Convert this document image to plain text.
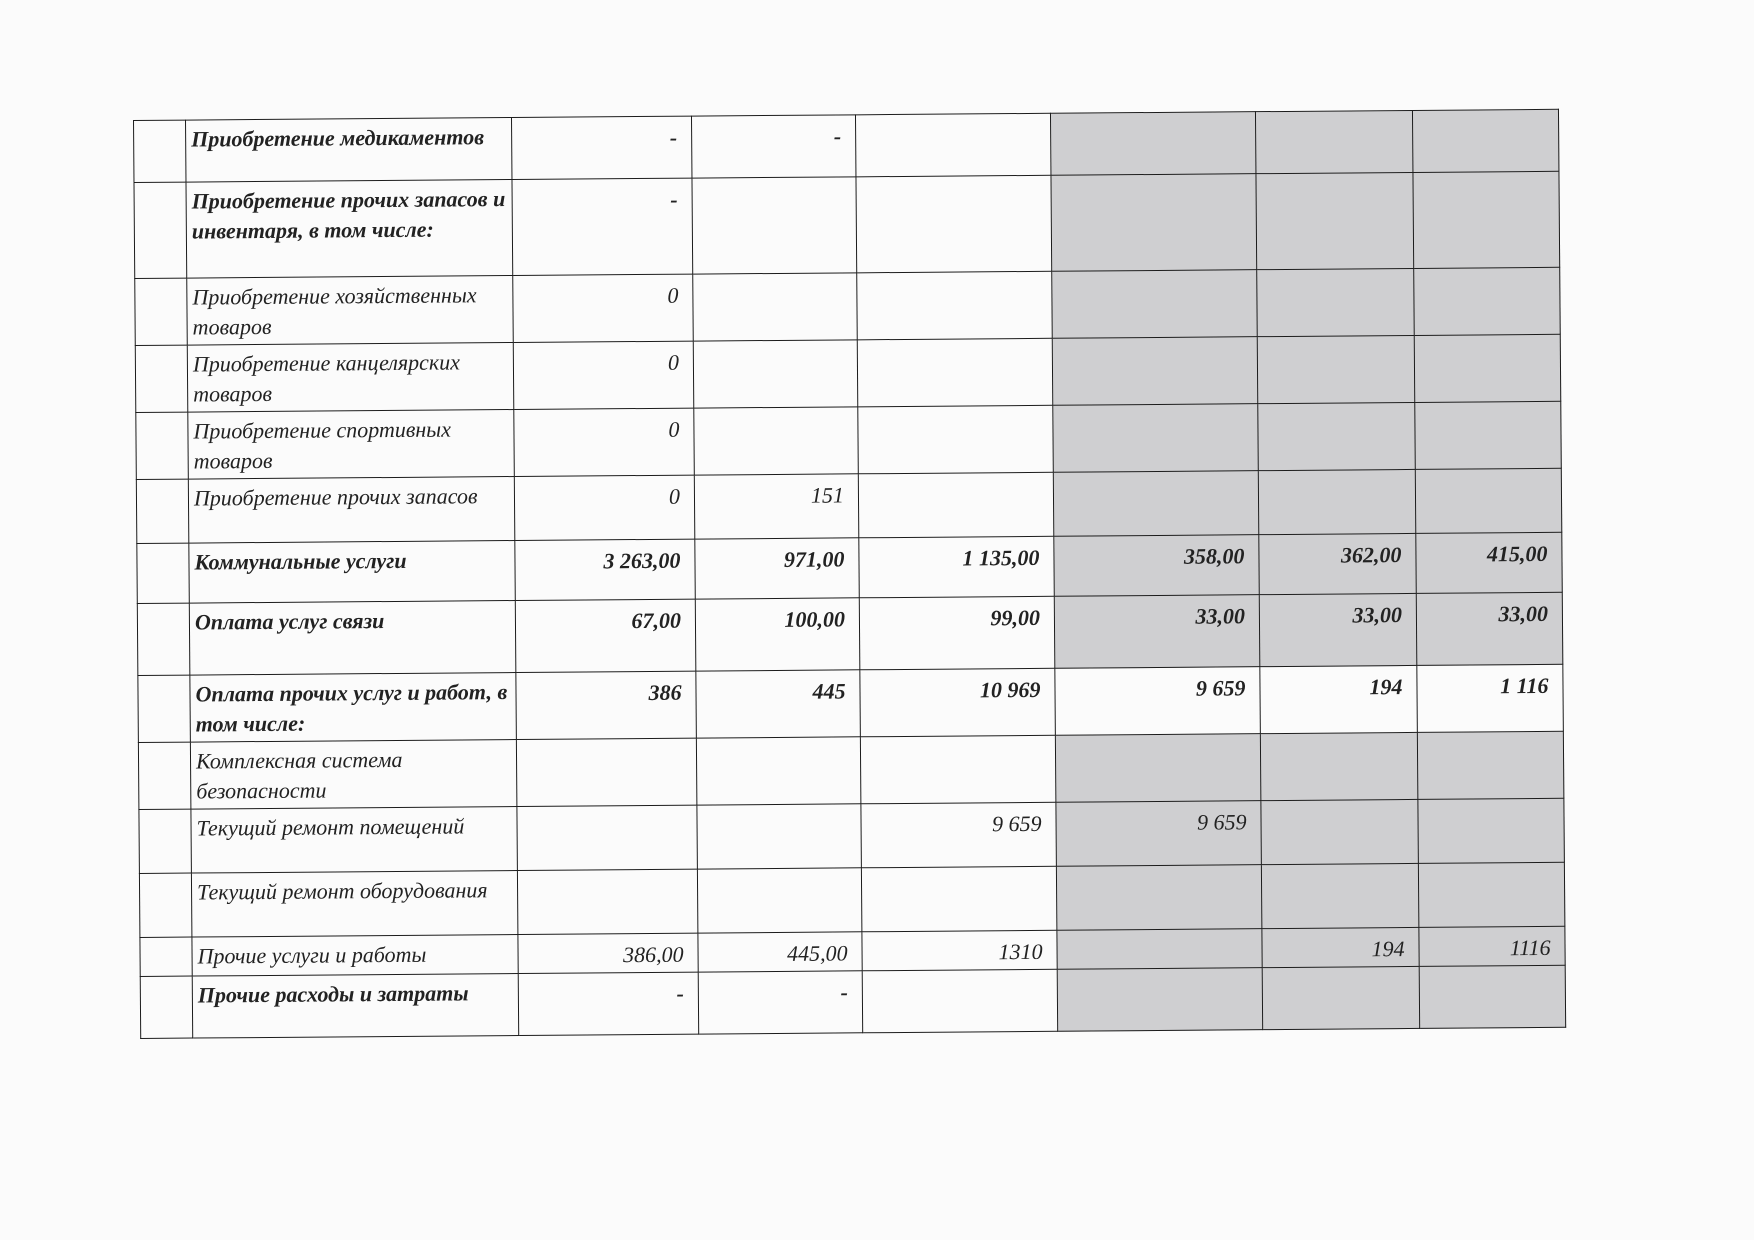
	Приобретение медикаментов	-	-				
	Приобретение прочих запасов и инвентаря, в том числе:	-					
	Приобретение хозяйственных товаров	0					
	Приобретение канцелярских товаров	0					
	Приобретение спортивных товаров	0					
	Приобретение прочих запасов	0	151				
	Коммунальные услуги	3 263,00	971,00	1 135,00	358,00	362,00	415,00
	Оплата услуг связи	67,00	100,00	99,00	33,00	33,00	33,00
	Оплата прочих услуг и работ, в том числе:	386	445	10 969	9 659	194	1 116
	Комплексная система безопасности						
	Текущий ремонт помещений			9 659	9 659		
	Текущий ремонт оборудования						
	Прочие услуги и работы	386,00	445,00	1310		194	1116
	Прочие расходы и затраты	-	-				
